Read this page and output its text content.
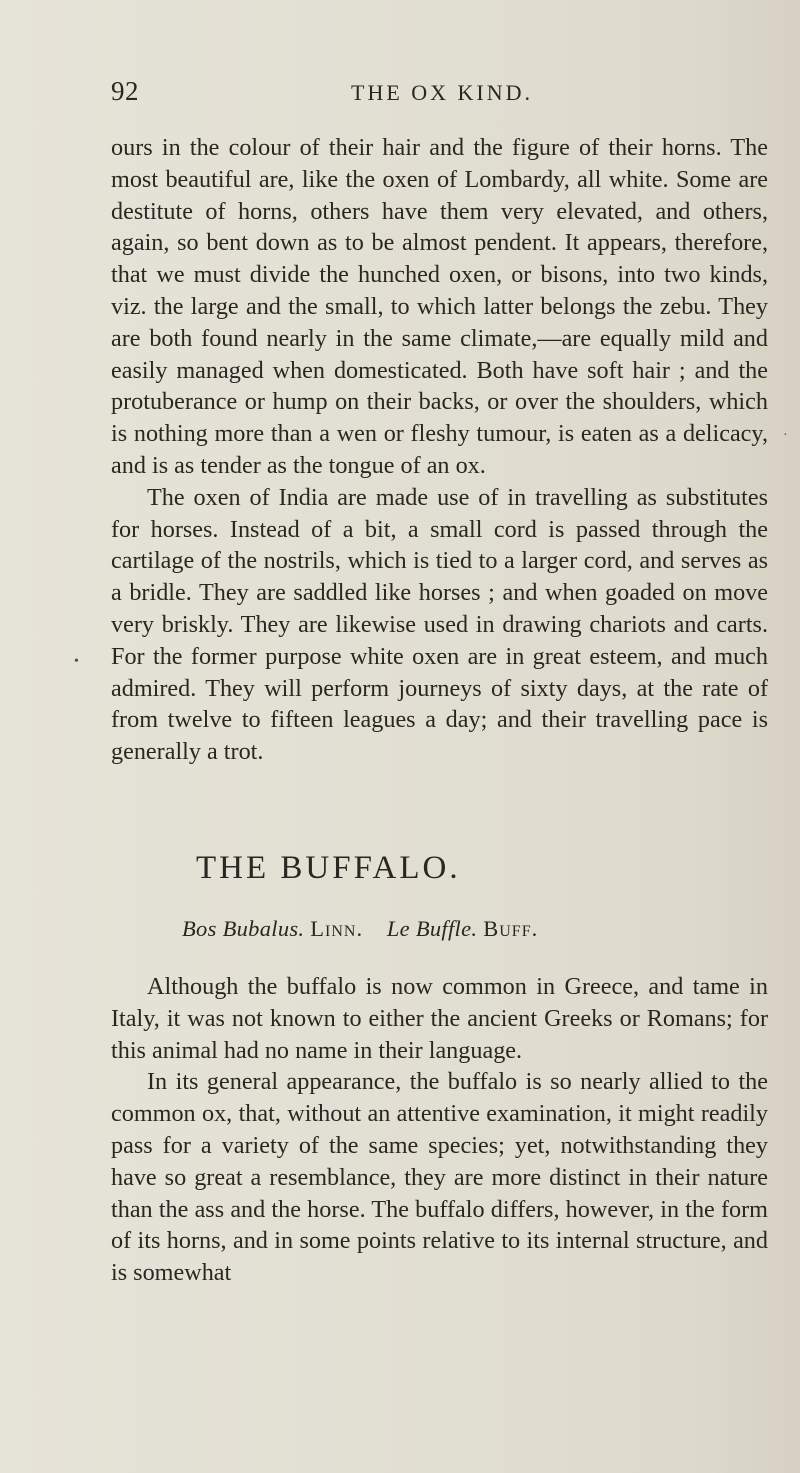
92	THE OX KIND.

ours in the colour of their hair and the figure of their horns. The most beautiful are, like the oxen of Lombardy, all white. Some are destitute of horns, others have them very elevated, and others, again, so bent down as to be almost pendent. It appears, therefore, that we must divide the hunched oxen, or bisons, into two kinds, viz. the large and the small, to which latter belongs the zebu. They are both found nearly in the same climate,—are equally mild and easily managed when domesticated. Both have soft hair ; and the protuberance or hump on their backs, or over the shoulders, which is nothing more than a wen or fleshy tumour, is eaten as a delicacy, and is as tender as the tongue of an ox.

The oxen of India are made use of in travelling as substitutes for horses. Instead of a bit, a small cord is passed through the cartilage of the nostrils, which is tied to a larger cord, and serves as a bridle. They are saddled like horses ; and when goaded on move very briskly. They are likewise used in drawing chariots and carts. For the former purpose white oxen are in great esteem, and much admired. They will perform journeys of sixty days, at the rate of from twelve to fifteen leagues a day; and their travelling pace is generally a trot.

THE BUFFALO.
Bos Bubalus. Linn. Le Buffle. Buff.

Although the buffalo is now common in Greece, and tame in Italy, it was not known to either the ancient Greeks or Romans; for this animal had no name in their language.

In its general appearance, the buffalo is so nearly allied to the common ox, that, without an attentive examination, it might readily pass for a variety of the same species; yet, notwithstanding they have so great a resemblance, they are more distinct in their nature than the ass and the horse. The buffalo differs, however, in the form of its horns, and in some points relative to its internal structure, and is somewhat

·
•
